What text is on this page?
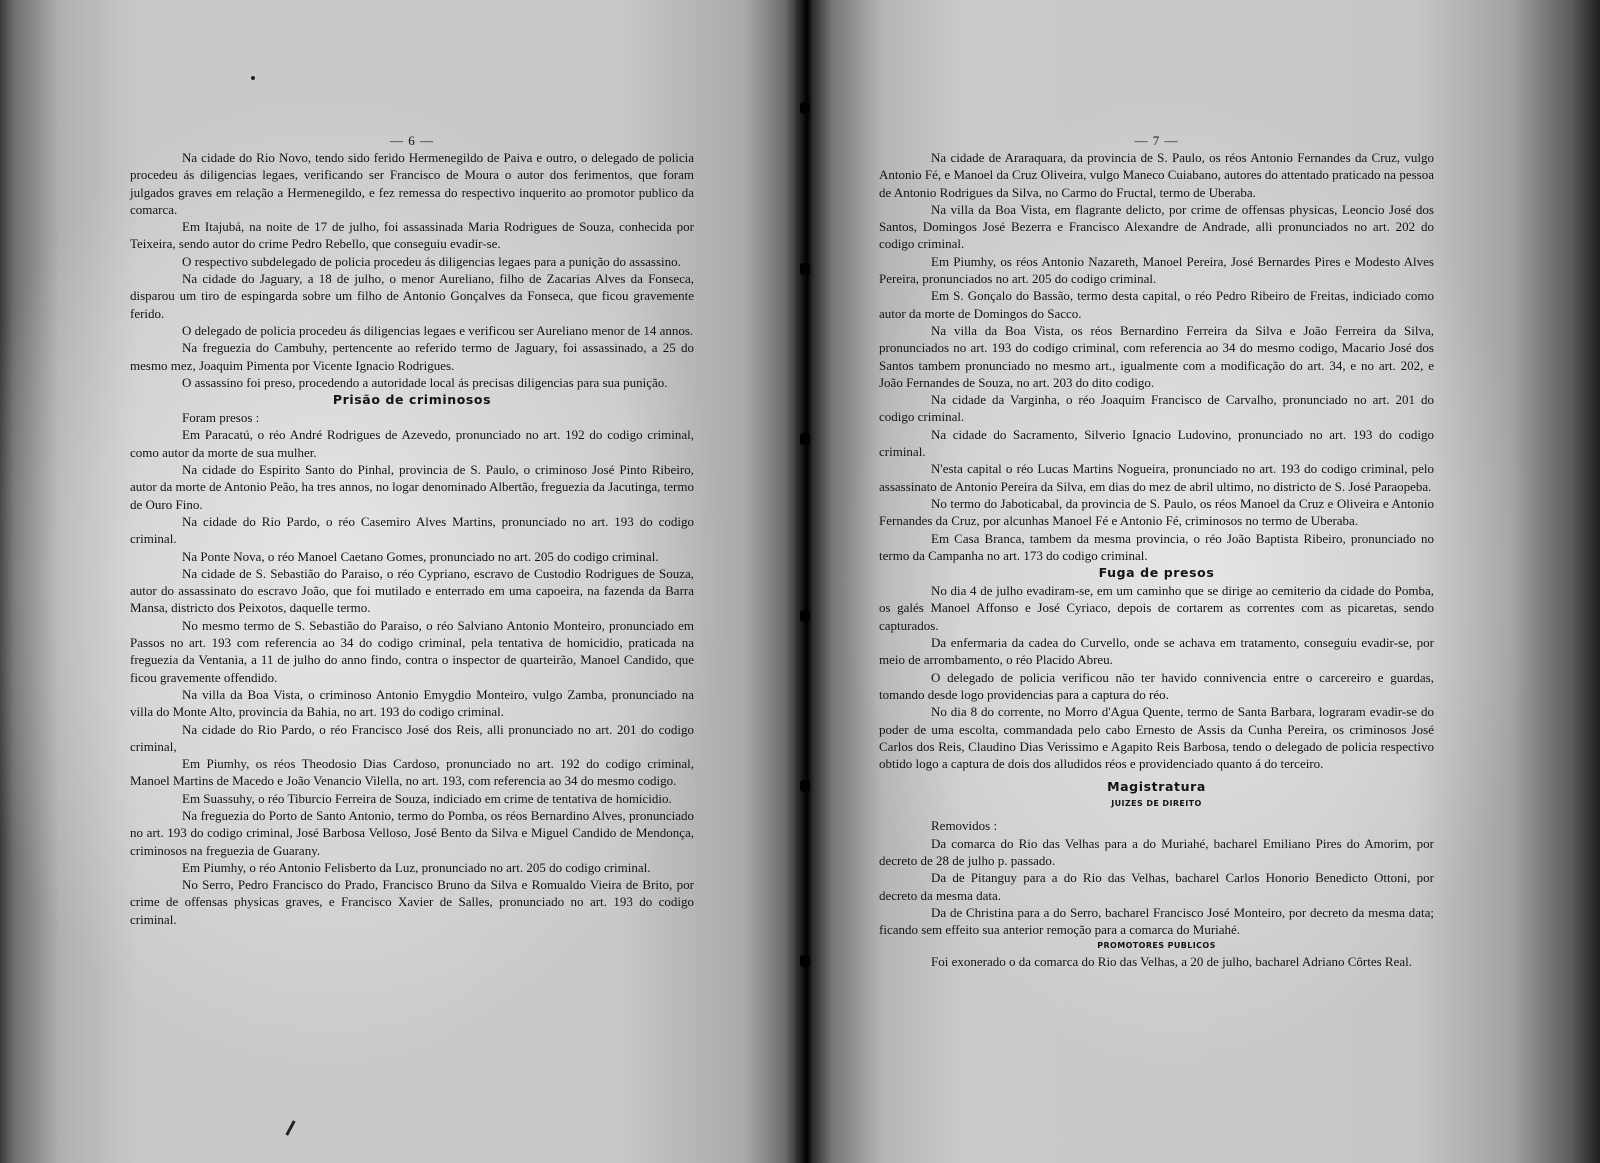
— 6 —

Na cidade do Rio Novo, tendo sido ferido Hermenegildo de Paiva e outro, o delegado de policia procedeu ás diligencias legaes, verificando ser Francisco de Moura o autor dos ferimentos, que foram julgados graves em relação a Hermenegildo, e fez remessa do respectivo inquerito ao promotor publico da comarca.

Em Itajubá, na noite de 17 de julho, foi assassinada Maria Rodrigues de Souza, conhecida por Teixeira, sendo autor do crime Pedro Rebello, que conseguiu evadir-se.

O respectivo subdelegado de policia procedeu ás diligencias legaes para a punição do assassino.

Na cidade do Jaguary, a 18 de julho, o menor Aureliano, filho de Zacarias Alves da Fonseca, disparou um tiro de espingarda sobre um filho de Antonio Gonçalves da Fonseca, que ficou gravemente ferido.

O delegado de policia procedeu ás diligencias legaes e verificou ser Aureliano menor de 14 annos.

Na freguezia do Cambuhy, pertencente ao referido termo de Jaguary, foi assassinado, a 25 do mesmo mez, Joaquim Pimenta por Vicente Ignacio Rodrigues.

O assassino foi preso, procedendo a autoridade local ás precisas diligencias para sua punição.

Prisão de criminosos

Foram presos :

Em Paracatú, o réo André Rodrigues de Azevedo, pronunciado no art. 192 do codigo criminal, como autor da morte de sua mulher.

Na cidade do Espirito Santo do Pinhal, provincia de S. Paulo, o criminoso José Pinto Ribeiro, autor da morte de Antonio Peão, ha tres annos, no logar denominado Albertão, freguezia da Jacutinga, termo de Ouro Fino.

Na cidade do Rio Pardo, o réo Casemiro Alves Martins, pronunciado no art. 193 do codigo criminal.

Na Ponte Nova, o réo Manoel Caetano Gomes, pronunciado no art. 205 do codigo criminal.

Na cidade de S. Sebastião do Paraiso, o réo Cypriano, escravo de Custodio Rodrigues de Souza, autor do assassinato do escravo João, que foi mutilado e enterrado em uma capoeira, na fazenda da Barra Mansa, districto dos Peixotos, daquelle termo.

No mesmo termo de S. Sebastião do Paraiso, o réo Salviano Antonio Monteiro, pronunciado em Passos no art. 193 com referencia ao 34 do codigo criminal, pela tentativa de homicidio, praticada na freguezia da Ventania, a 11 de julho do anno findo, contra o inspector de quarteirão, Manoel Candido, que ficou gravemente offendido.

Na villa da Boa Vista, o criminoso Antonio Emygdio Monteiro, vulgo Zamba, pronunciado na villa do Monte Alto, provincia da Bahia, no art. 193 do codigo criminal.

Na cidade do Rio Pardo, o réo Francisco José dos Reis, alli pronunciado no art. 201 do codigo criminal,

Em Piumhy, os réos Theodosio Dias Cardoso, pronunciado no art. 192 do codigo criminal, Manoel Martins de Macedo e João Venancio Vilella, no art. 193, com referencia ao 34 do mesmo codigo.

Em Suassuhy, o réo Tiburcio Ferreira de Souza, indiciado em crime de tentativa de homicidio.

Na freguezia do Porto de Santo Antonio, termo do Pomba, os réos Bernardino Alves, pronunciado no art. 193 do codigo criminal, José Barbosa Velloso, José Bento da Silva e Miguel Candido de Mendonça, criminosos na freguezia de Guarany.

Em Piumhy, o réo Antonio Felisberto da Luz, pronunciado no art. 205 do codigo criminal.

No Serro, Pedro Francisco do Prado, Francisco Bruno da Silva e Romualdo Vieira de Brito, por crime de offensas physicas graves, e Francisco Xavier de Salles, pronunciado no art. 193 do codigo criminal.

— 7 —

Na cidade de Araraquara, da provincia de S. Paulo, os réos Antonio Fernandes da Cruz, vulgo Antonio Fé, e Manoel da Cruz Oliveira, vulgo Maneco Cuiabano, autores do attentado praticado na pessoa de Antonio Rodrigues da Silva, no Carmo do Fructal, termo de Uberaba.

Na villa da Boa Vista, em flagrante delicto, por crime de offensas physicas, Leoncio José dos Santos, Domingos José Bezerra e Francisco Alexandre de Andrade, alli pronunciados no art. 202 do codigo criminal.

Em Piumhy, os réos Antonio Nazareth, Manoel Pereira, José Bernardes Pires e Modesto Alves Pereira, pronunciados no art. 205 do codigo criminal.

Em S. Gonçalo do Bassão, termo desta capital, o réo Pedro Ribeiro de Freitas, indiciado como autor da morte de Domingos do Sacco.

Na villa da Boa Vista, os réos Bernardino Ferreira da Silva e João Ferreira da Silva, pronunciados no art. 193 do codigo criminal, com referencia ao 34 do mesmo codigo, Macario José dos Santos tambem pronunciado no mesmo art., igualmente com a modificação do art. 34, e no art. 202, e João Fernandes de Souza, no art. 203 do dito codigo.

Na cidade da Varginha, o réo Joaquim Francisco de Carvalho, pronunciado no art. 201 do codigo criminal.

Na cidade do Sacramento, Silverio Ignacio Ludovino, pronunciado no art. 193 do codigo criminal.

N'esta capital o réo Lucas Martins Nogueira, pronunciado no art. 193 do codigo criminal, pelo assassinato de Antonio Pereira da Silva, em dias do mez de abril ultimo, no districto de S. José Paraopeba.

No termo do Jaboticabal, da provincia de S. Paulo, os réos Manoel da Cruz e Oliveira e Antonio Fernandes da Cruz, por alcunhas Manoel Fé e Antonio Fé, criminosos no termo de Uberaba.

Em Casa Branca, tambem da mesma provincia, o réo João Baptista Ribeiro, pronunciado no termo da Campanha no art. 173 do codigo criminal.

Fuga de presos

No dia 4 de julho evadiram-se, em um caminho que se dirige ao cemiterio da cidade do Pomba, os galés Manoel Affonso e José Cyriaco, depois de cortarem as correntes com as picaretas, sendo capturados.

Da enfermaria da cadea do Curvello, onde se achava em tratamento, conseguiu evadir-se, por meio de arrombamento, o réo Placido Abreu.

O delegado de policia verificou não ter havido connivencia entre o carcereiro e guardas, tomando desde logo providencias para a captura do réo.

No dia 8 do corrente, no Morro d'Agua Quente, termo de Santa Barbara, lograram evadir-se do poder de uma escolta, commandada pelo cabo Ernesto de Assis da Cunha Pereira, os criminosos José Carlos dos Reis, Claudino Dias Verissimo e Agapito Reis Barbosa, tendo o delegado de policia respectivo obtido logo a captura de dois dos alludidos réos e providenciado quanto á do terceiro.

Magistratura
JUIZES DE DIREITO

Removidos :

Da comarca do Rio das Velhas para a do Muriahé, bacharel Emiliano Pires do Amorim, por decreto de 28 de julho p. passado.

Da de Pitanguy para a do Rio das Velhas, bacharel Carlos Honorio Benedicto Ottoni, por decreto da mesma data.

Da de Christina para a do Serro, bacharel Francisco José Monteiro, por decreto da mesma data; ficando sem effeito sua anterior remoção para a comarca do Muriahé.

PROMOTORES PUBLICOS

Foi exonerado o da comarca do Rio das Velhas, a 20 de julho, bacharel Adriano Côrtes Real.
